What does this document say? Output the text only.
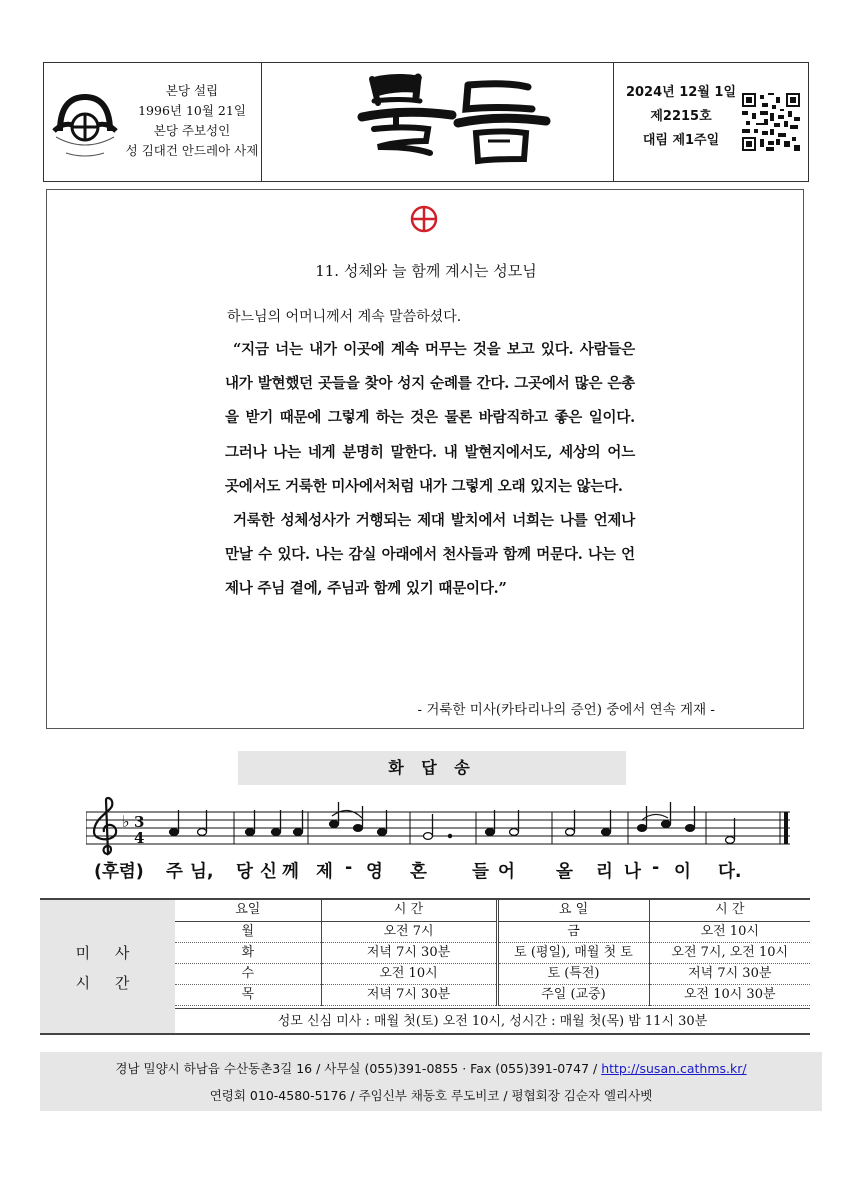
본당 설립
1996년 10월 21일
본당 주보성인
성 김대건 안드레아 사제
2024년 12월 1일
제2215호
대림 제1주일
11. 성체와 늘 함께 계시는 성모님
하느님의 어머니께서 계속 말씀하셨다.

“지금 너는 내가 이곳에 계속 머무는 것을 보고 있다. 사람들은 내가 발현했던 곳들을 찾아 성지 순례를 간다. 그곳에서 많은 은총을 받기 때문에 그렇게 하는 것은 물론 바람직하고 좋은 일이다. 그러나 나는 네게 분명히 말한다. 내 발현지에서도, 세상의 어느 곳에서도 거룩한 미사에서처럼 내가 그렇게 오래 있지는 않는다.

거룩한 성체성사가 거행되는 제대 발치에서 너희는 나를 언제나 만날 수 있다. 나는 감실 아래에서 천사들과 함께 머문다. 나는 언제나 주님 곁에, 주님과 함께 있기 때문이다.”

- 거룩한 미사(카타리나의 증언) 중에서 연속 게재 -
화 답 송
♭ 3
4
(후렴) 주 님, 당 신 께 제 - 영 혼	들 어 올 리 나 - 이 다.
미 사
시 간
요일	시 간	요 일	시 간
월	오전 7시	금	오전 10시
화	저녁 7시 30분	토 (평일), 매월 첫 토	오전 7시, 오전 10시
수	오전 10시	토 (특전)	저녁 7시 30분
목	저녁 7시 30분	주일 (교중)	오전 10시 30분
성모 신심 미사 : 매월 첫(토) 오전 10시, 성시간 : 매월 첫(목) 밤 11시 30분
경남 밀양시 하남읍 수산동촌3길 16 / 사무실 (055)391-0855 · Fax (055)391-0747 / http://susan.cathms.kr/
연령회 010-4580-5176 / 주임신부 채동호 루도비코 / 평협회장 김순자 엘리사벳
